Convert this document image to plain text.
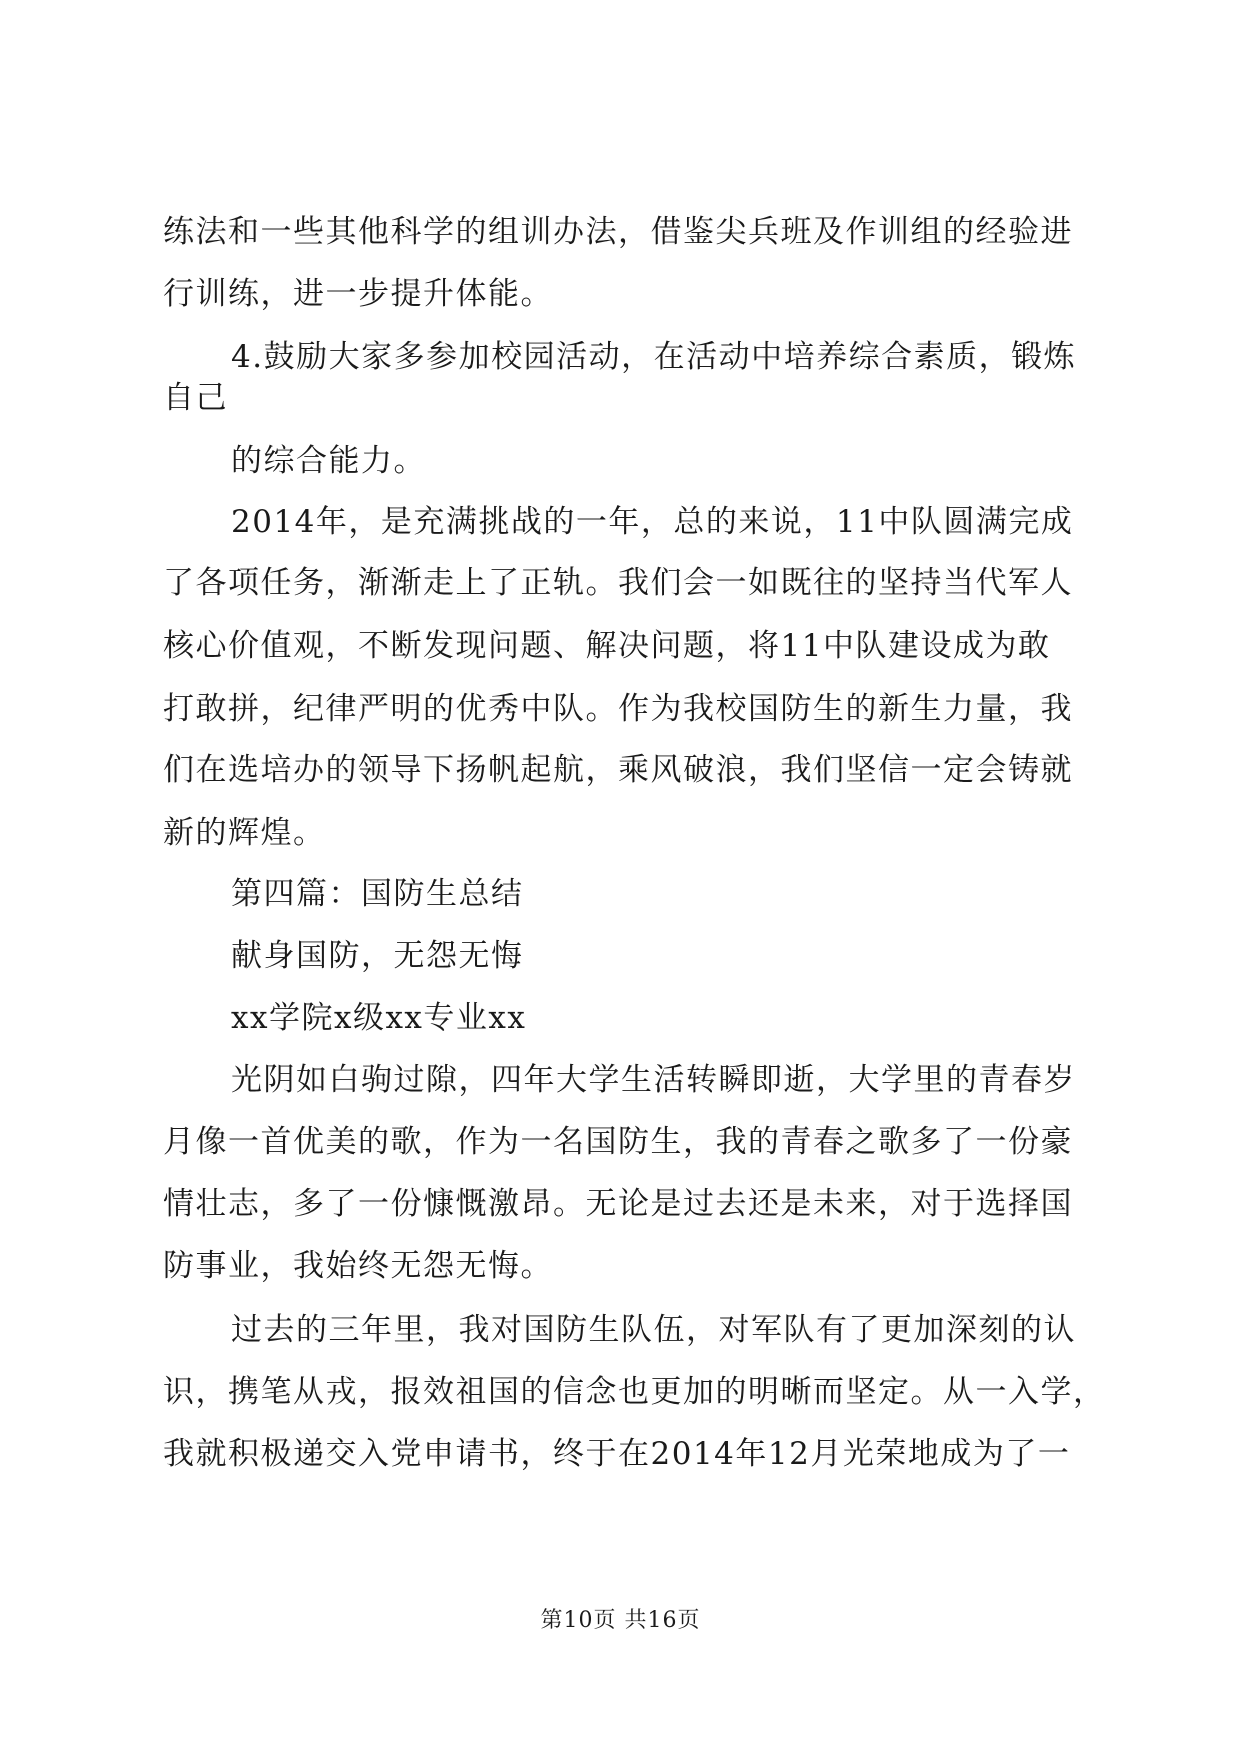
练法和一些其他科学的组训办法，借鉴尖兵班及作训组的经验进
行训练，进一步提升体能。
4.鼓励大家多参加校园活动，在活动中培养综合素质，锻炼
自己
的综合能力。
2014年，是充满挑战的一年，总的来说，11中队圆满完成
了各项任务，渐渐走上了正轨。我们会一如既往的坚持当代军人
核心价值观，不断发现问题、解决问题，将11中队建设成为敢
打敢拼，纪律严明的优秀中队。作为我校国防生的新生力量，我
们在选培办的领导下扬帆起航，乘风破浪，我们坚信一定会铸就
新的辉煌。
第四篇：国防生总结
献身国防，无怨无悔
xx学院x级xx专业xx
光阴如白驹过隙，四年大学生活转瞬即逝，大学里的青春岁
月像一首优美的歌，作为一名国防生，我的青春之歌多了一份豪
情壮志，多了一份慷慨激昂。无论是过去还是未来，对于选择国
防事业，我始终无怨无悔。
过去的三年里，我对国防生队伍，对军队有了更加深刻的认
识，携笔从戎，报效祖国的信念也更加的明晰而坚定。从一入学，
我就积极递交入党申请书，终于在2014年12月光荣地成为了一
第10页 共16页
